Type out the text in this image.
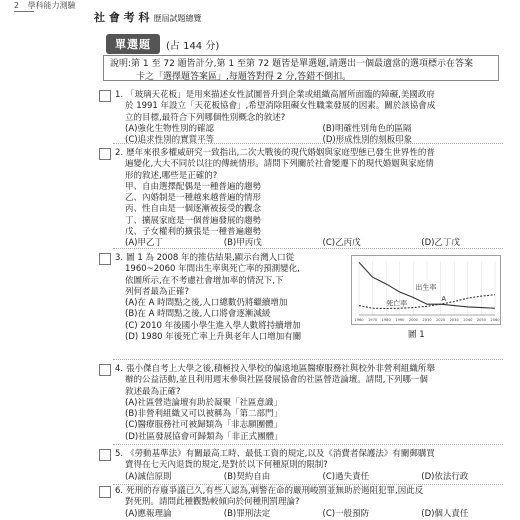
2 學科能力測驗
社 會 考 科 歷屆試題總覽
單選題	(占 144 分)
說明:第 1 至 72 題皆計分,第 1 至第 72 題皆是單選題,請選出一個最適當的選項標示在答案
卡之「選擇題答案區」,每題答對得 2 分,答錯不倒扣。
1. 「玻璃天花板」是用來描述女性試圖晉升到企業或組織高層所面臨的障礙,美國政府
於 1991 年設立「天花板協會」,希望消除阻礙女性職業發展的因素。關於該協會成
立的目標,最符合下列哪個性別概念的敘述?
(A)強化生物性別的確認	(B)明確性別角色的區隔
(C)追求性別的實質平等	(D)形成性別的刻板印象
2. 歷年來很多權威研究一致指出,二次大戰後的現代婚姻與家庭型態已發生世界性的普
遍變化,大大不同於以往的傳統情形。請問下列關於社會變遷下的現代婚姻與家庭情
形的敘述,哪些是正確的?
甲、自由選擇配偶是一種普遍的趨勢
乙、內婚制是一種越來越普遍的情形
丙、性自由是一個逐漸被接受的觀念
丁、擴展家庭是一個普遍發展的趨勢
戊、子女權利的擴張是一種普遍趨勢
(A)甲乙丁	(B)甲丙戊	(C)乙丙戊	(D)乙丁戊
3. 圖 1 為 2008 年的推估結果,顯示台灣人口從
1960~2060 年間出生率與死亡率的預測變化,
依圖所示,在不考慮社會增加率的情況下,下
列何者最為正確?
(A)在 A 時間點之後,人口總數仍將繼續增加
(B)在 A 時間點之後,人口將會逐漸減緩
(C) 2010 年後國小學生進入學人數將持續增加
(D) 1980 年後死亡率上升與老年人口增加有關
1960 1970 1980 1990 2000 2010 2020 2030 2040 2050 2060
出生率
死亡率
A
圖 1
4. 張小傑自考上大學之後,積極投入學校的偏遠地區醫療服務社與校外非營利組織所舉
辦的公益活動,並且利用週末參與社區發展協會的社區營造論壇。請問,下列哪一個
敘述最為正確?
(A)社區營造論壇有助於凝聚「社區意識」
(B)非營利組織又可以被稱為「第二部門」
(C)醫療服務社可被歸類為「非志願團體」
(D)社區發展協會可歸類為「非正式團體」
5. 《勞動基準法》有關最高工時、最低工資的規定,以及《消費者保護法》有關郵購買
賣得在七天內退貨的規定,是對於以下何種原則的限制?
(A)誠信原則	(B)契約自由	(C)過失責任	(D)依法行政
6. 死刑的存廢爭議已久,有些人認為,刺警在命的嚴刑峻罰並無助於遏阻犯罪,因此反
對死刑。請問此種觀點較傾向於何種刑罰理論?
(A)應報理論	(B)罪刑法定	(C)一般預防	(D)個人責任
